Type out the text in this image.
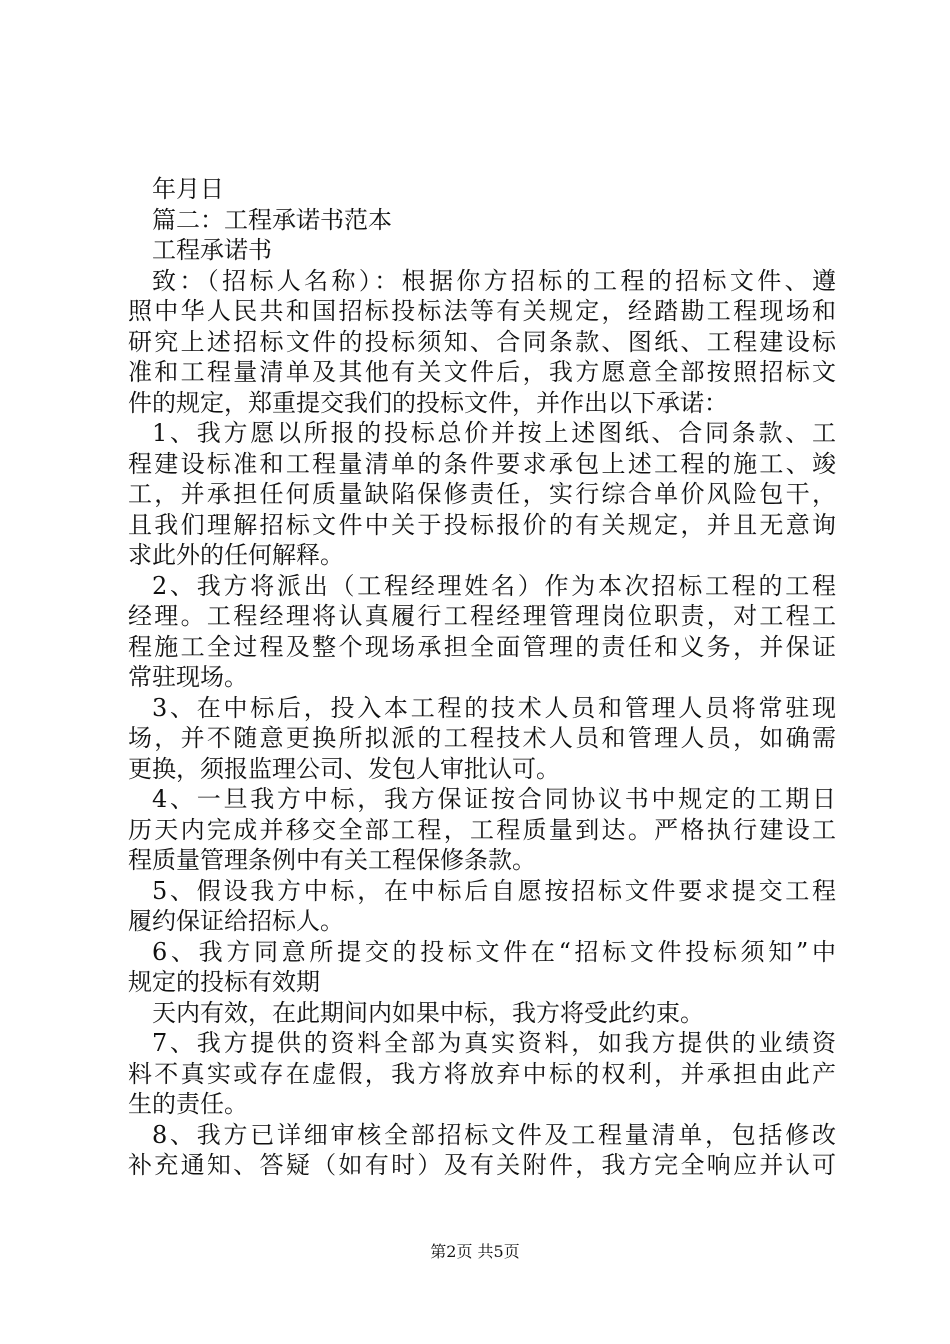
年月日
篇二：工程承诺书范本
工程承诺书
致：（招标人名称）：根据你方招标的工程的招标文件、遵
照中华人民共和国招标投标法等有关规定，经踏勘工程现场和
研究上述招标文件的投标须知、合同条款、图纸、工程建设标
准和工程量清单及其他有关文件后，我方愿意全部按照招标文
件的规定，郑重提交我们的投标文件，并作出以下承诺：
1、我方愿以所报的投标总价并按上述图纸、合同条款、工
程建设标准和工程量清单的条件要求承包上述工程的施工、竣
工，并承担任何质量缺陷保修责任，实行综合单价风险包干，
且我们理解招标文件中关于投标报价的有关规定，并且无意询
求此外的任何解释。
2、我方将派出（工程经理姓名）作为本次招标工程的工程
经理。工程经理将认真履行工程经理管理岗位职责，对工程工
程施工全过程及整个现场承担全面管理的责任和义务，并保证
常驻现场。
3、在中标后，投入本工程的技术人员和管理人员将常驻现
场，并不随意更换所拟派的工程技术人员和管理人员，如确需
更换，须报监理公司、发包人审批认可。
4、一旦我方中标，我方保证按合同协议书中规定的工期日
历天内完成并移交全部工程，工程质量到达。严格执行建设工
程质量管理条例中有关工程保修条款。
5、假设我方中标，在中标后自愿按招标文件要求提交工程
履约保证给招标人。
6、我方同意所提交的投标文件在“招标文件投标须知”中
规定的投标有效期
天内有效，在此期间内如果中标，我方将受此约束。
7、我方提供的资料全部为真实资料，如我方提供的业绩资
料不真实或存在虚假，我方将放弃中标的权利，并承担由此产
生的责任。
8、我方已详细审核全部招标文件及工程量清单，包括修改
补充通知、答疑（如有时）及有关附件，我方完全响应并认可
第2页 共5页
